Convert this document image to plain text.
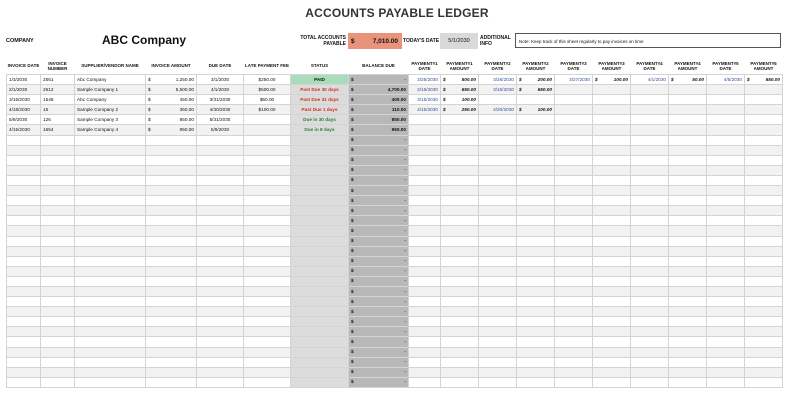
ACCOUNTS PAYABLE LEDGER
COMPANY	ABC Company	TOTAL ACCOUNTS PAYABLE $	7,010.00 TODAY'S DATE	5/1/2030	ADDITIONAL INFO	Note: Keep track of this sheet regularly to pay invoices on time
INVOICE DATE	INVOICE NUMBER	SUPPLIER/VENDOR NAME	INVOICE AMOUNT	DUE DATE	LATE PAYMENT FEE	STATUS	BALANCE DUE	PAYMENT#1 DATE	PAYMENT#1 AMOUNT	PAYMENT#2 DATE	PAYMENT#2 AMOUNT	PAYMENT#3 DATE	PAYMENT#3 AMOUNT	PAYMENT#4 DATE	PAYMENT#4 AMOUNT	PAYMENT#5 DATE	PAYMENT#5 AMOUNT
1/3/2030	2561	Abc Company	$ 1,250.00	3/1/2030	$250.00	PAID	$ -	3/25/2030	$ 500.00	3/26/2030	$ 200.00	3/27/2030	$ 100.00	4/1/2030	$ 50.00	4/5/2030	$ 650.00

2/1/2030	2612	Sample Company 1	$ 5,500.00	4/1/2030	$500.00	Past Due 30 days	$ 4,700.00	2/15/2030	$ 650.00	3/15/2030	$ 650.00						

3/15/2030	1548	Abc Company	$ 450.00	3/31/2030	$50.00	Past Due 31 days	$ 400.00	3/15/2030	$ 100.00								

4/18/2030	15	Sample Company 2	$ 360.00	4/30/2030	$100.00	Past Due 1 days	$ 110.00	4/15/2030	$ 250.00	4/20/2030	$ 100.00						

5/9/2030	126	Sample Company 3	$ 850.00	5/31/2030		Due in 30 days	$ 850.00										

4/15/2030	1654	Sample Company 4	$ 950.00	5/9/2030		Due in 8 days	$ 950.00										

							$ -										

							$ -										

							$ -										

							$ -										

							$ -										

							$ -										

							$ -										

							$ -										

							$ -										

							$ -										

							$ -										

							$ -										

							$ -										

							$ -										

							$ -										

							$ -										

							$ -										

							$ -										

							$ -										

							$ -										

							$ -										

							$ -										

							$ -										

							$ -										

							$ -										
